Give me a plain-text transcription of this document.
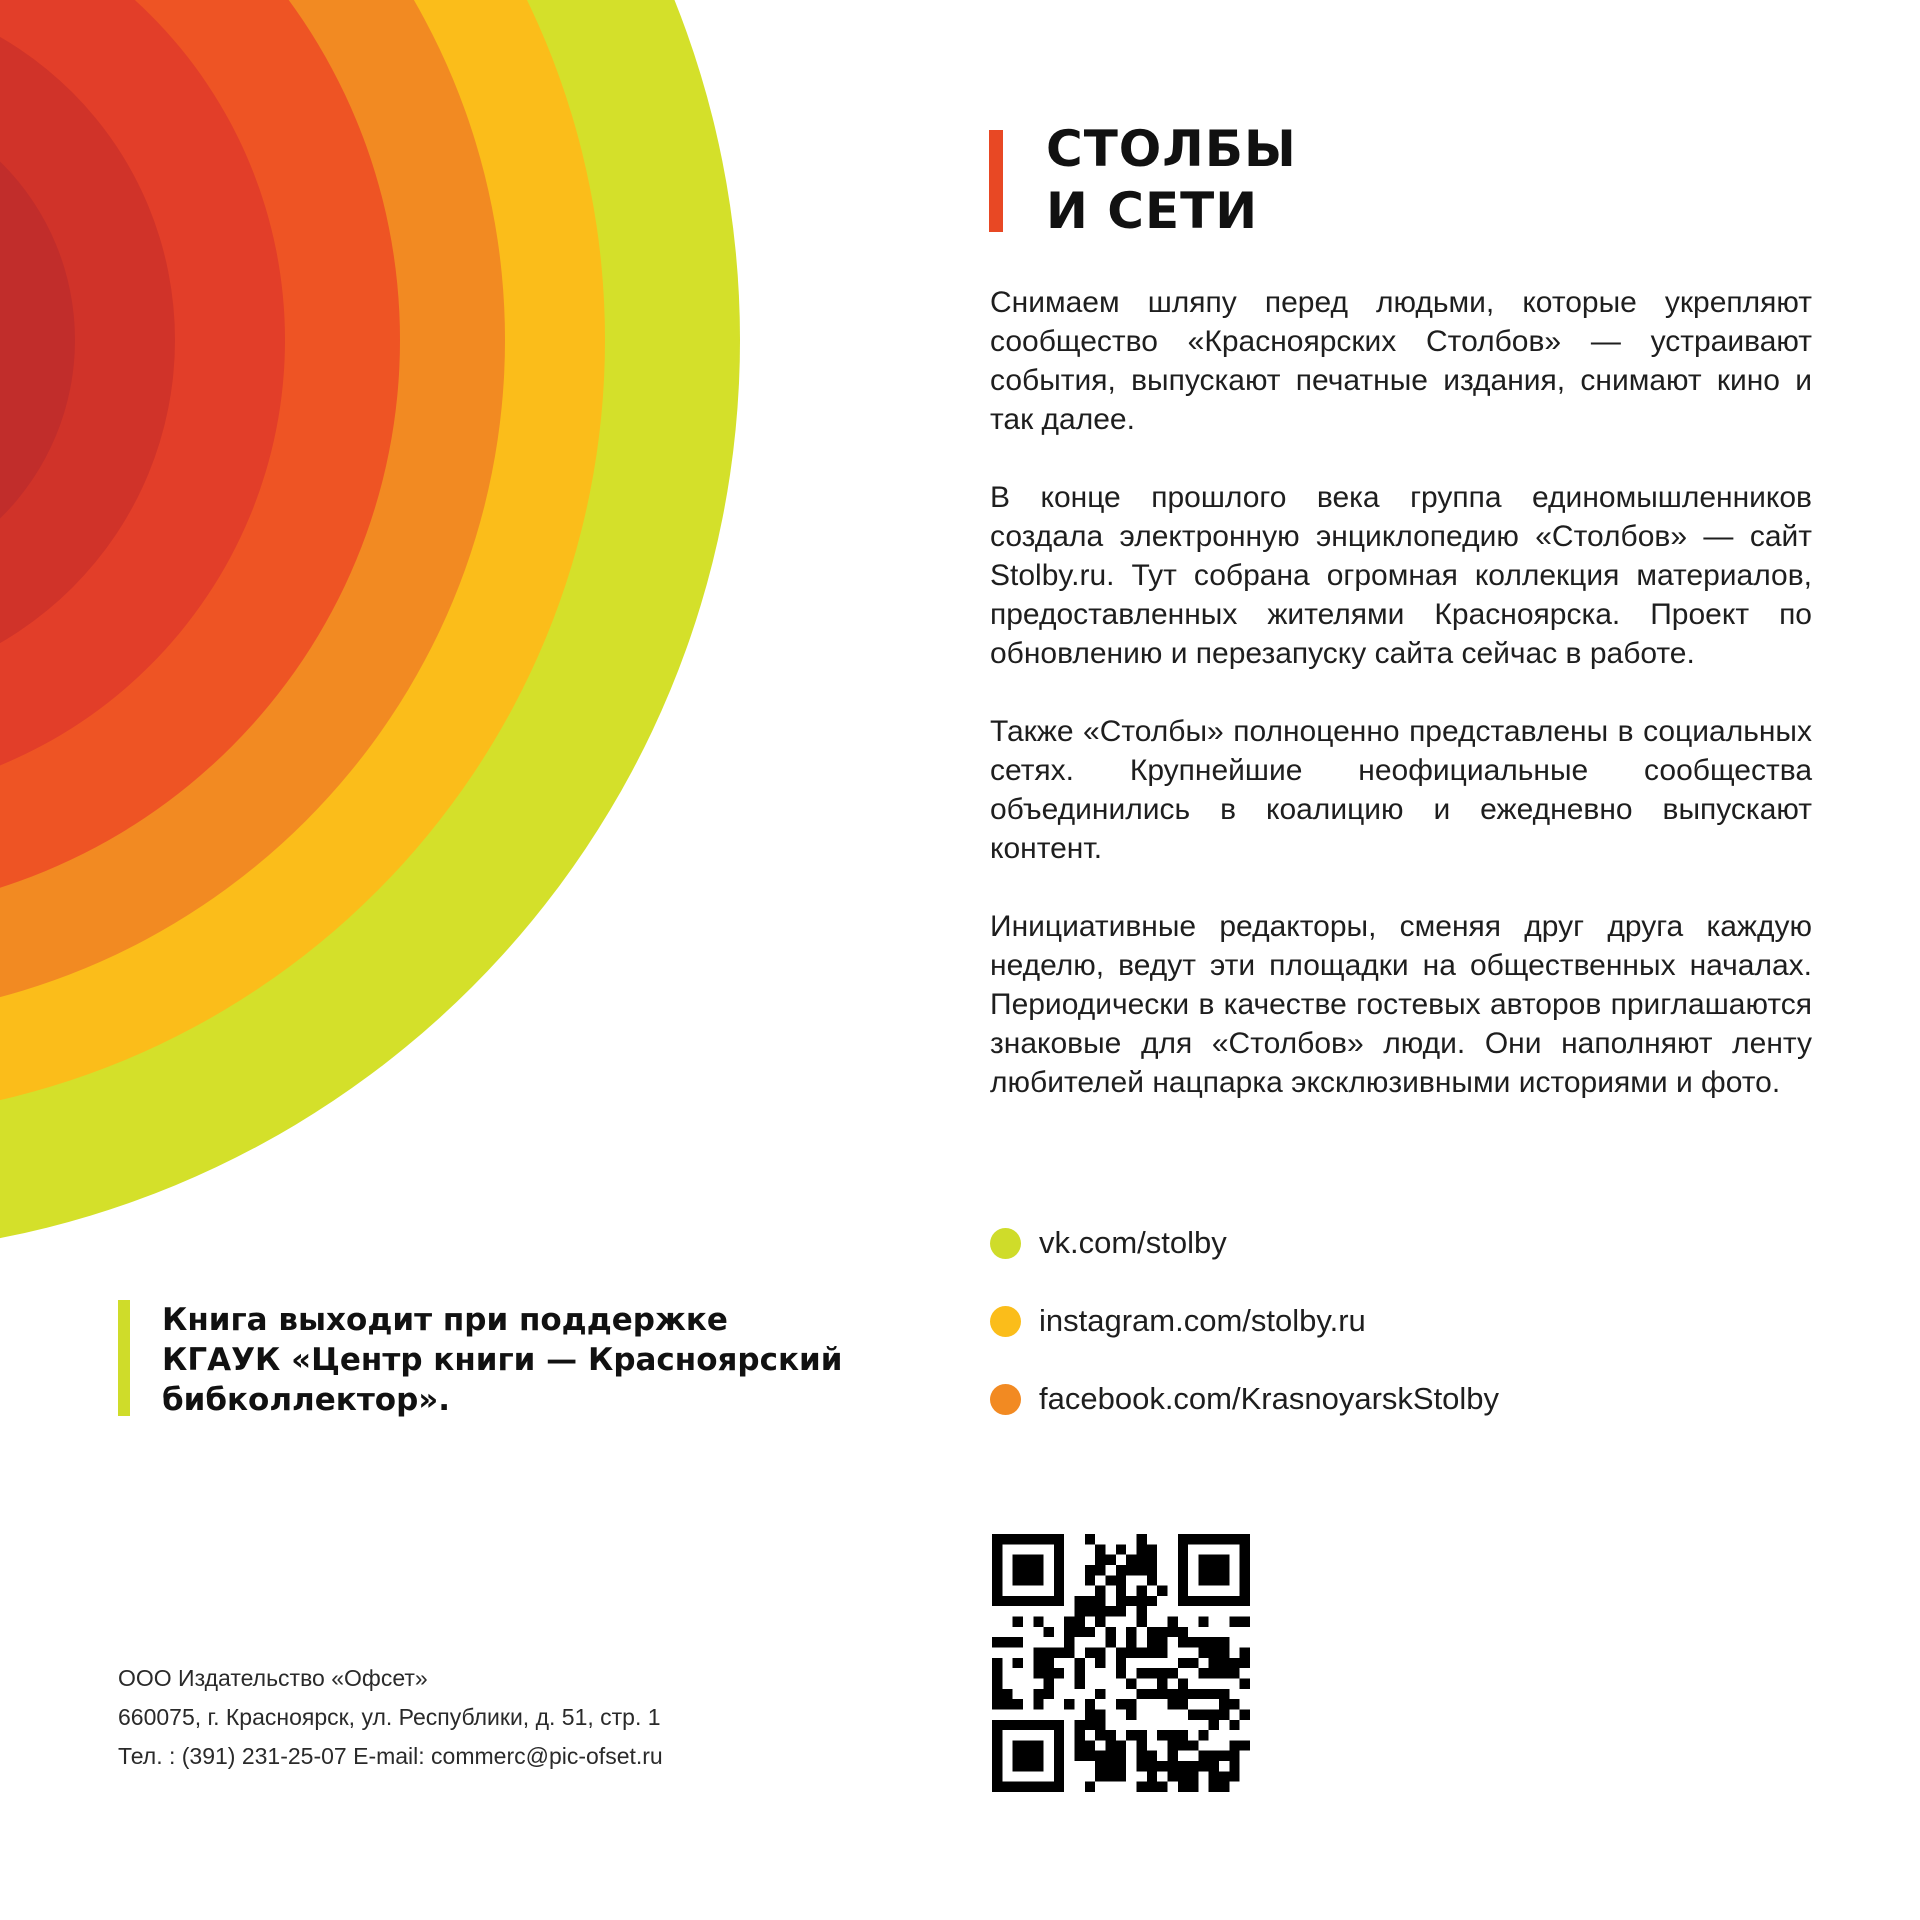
СТОЛБЫ
И СЕТИ

Снимаем шляпу перед людьми, которые укрепляют сообщество «Красноярских Столбов» — устраивают события, выпускают печатные издания, снимают кино и так далее.

В конце прошлого века группа единомышленников создала электронную энциклопедию «Столбов» — сайт Stolby.ru. Тут собрана огромная коллекция материалов, предоставленных жителями Красноярска. Проект по обновлению и перезапуску сайта сейчас в работе.

Также «Столбы» полноценно представлены в социальных сетях. Крупнейшие неофициальные сообщества объединились в коалицию и ежедневно выпускают контент.

Инициативные редакторы, сменяя друг друга каждую неделю, ведут эти площадки на общественных началах. Периодически в качестве гостевых авторов приглашаются знаковые для «Столбов» люди. Они наполняют ленту любителей нацпарка эксклюзивными историями и фото.

vk.com/stolby
instagram.com/stolby.ru
facebook.com/KrasnoyarskStolby

Книга выходит при поддержке
КГАУК «Центр книги — Красноярский
бибколлектор».

ООО Издательство «Офсет»
660075, г. Красноярск, ул. Республики, д. 51, стр. 1
Тел. : (391) 231-25-07 E-mail: commerc@pic-ofset.ru
